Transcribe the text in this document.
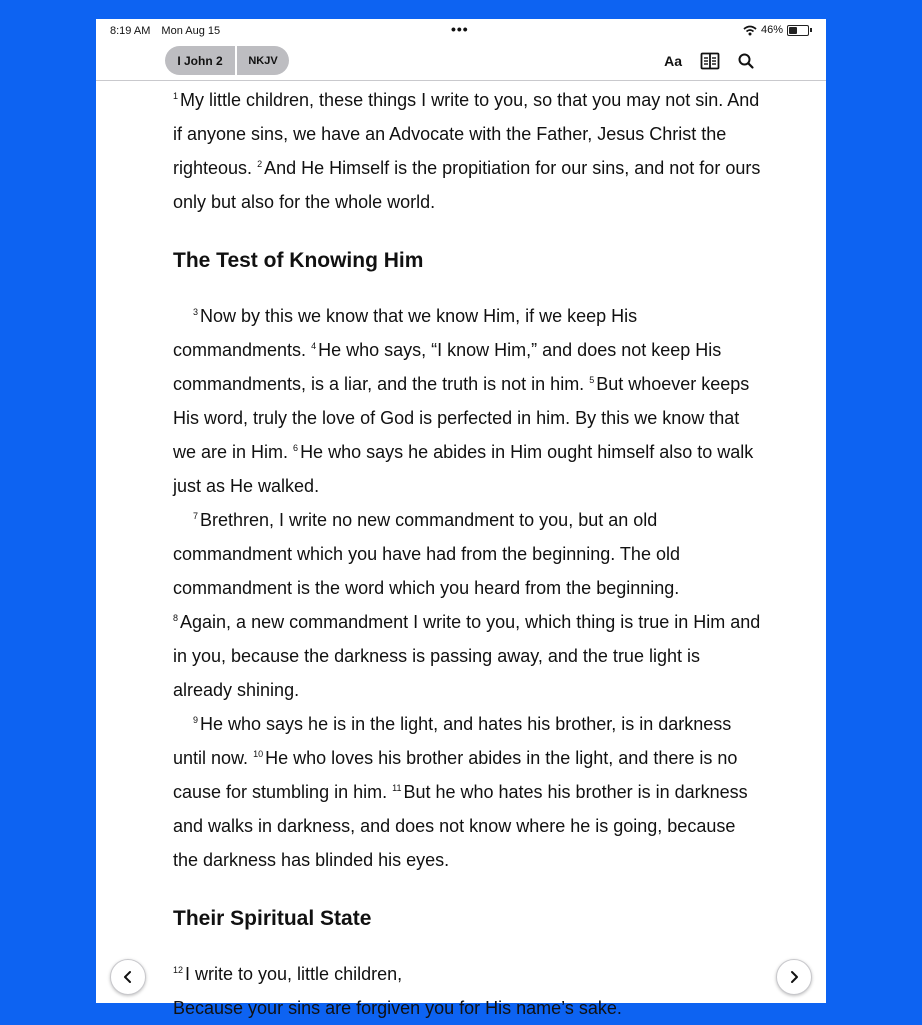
8:19 AM Mon Aug 15	•••	46%
I John 2	NKJV	Aa

$^1$ My little children, these things I write to you, so that you may not sin. And if anyone sins, we have an Advocate with the Father, Jesus Christ the righteous. $^2$ And He Himself is the propitiation for our sins, and not for ours only but also for the whole world.

The Test of Knowing Him

$^3$ Now by this we know that we know Him, if we keep His commandments. $^4$ He who says, “I know Him,” and does not keep His commandments, is a liar, and the truth is not in him. $^5$ But whoever keeps His word, truly the love of God is perfected in him. By this we know that we are in Him. $^6$ He who says he abides in Him ought himself also to walk just as He walked.

$^7$ Brethren, I write no new commandment to you, but an old commandment which you have had from the beginning. The old commandment is the word which you heard from the beginning.

$^8$ Again, a new commandment I write to you, which thing is true in Him and in you, because the darkness is passing away, and the true light is already shining.

$^9$ He who says he is in the light, and hates his brother, is in darkness until now. $^{10}$ He who loves his brother abides in the light, and there is no cause for stumbling in him. $^{11}$ But he who hates his brother is in darkness and walks in darkness, and does not know where he is going, because the darkness has blinded his eyes.

Their Spiritual State

$^{12}$ I write to you, little children,

Because your sins are forgiven you for His name’s sake.
